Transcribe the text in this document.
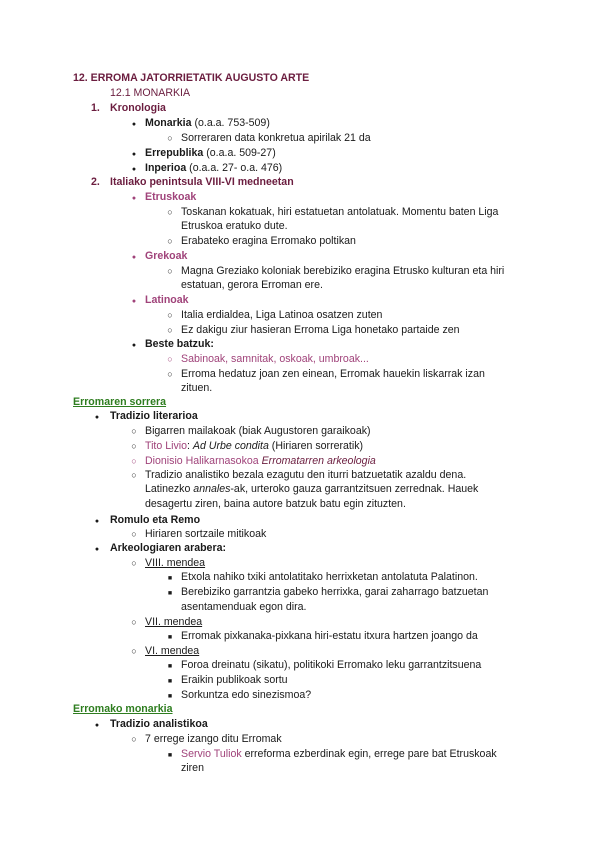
12. ERROMA JATORRIETATIK AUGUSTO ARTE
12.1 MONARKIA
1. Kronologia
●
Monarkia (o.a.a. 753-509)
○
Sorreraren data konkretua apirilak 21 da
●
Errepublika (o.a.a. 509-27)
●
Inperioa (o.a.a. 27- o.a. 476)
2. Italiako penintsula VIII-VI medneetan
●
Etruskoak
○
Toskanan kokatuak, hiri estatuetan antolatuak. Momentu baten Liga
Etruskoa eratuko dute.
○
Erabateko eragina Erromako poltikan
●
Grekoak
○
Magna Greziako koloniak berebiziko eragina Etrusko kulturan eta hiri
estatuan, gerora Erroman ere.
●
Latinoak
○
Italia erdialdea, Liga Latinoa osatzen zuten
○
Ez dakigu ziur hasieran Erroma Liga honetako partaide zen
●
Beste batzuk:
○
Sabinoak, samnitak, oskoak, umbroak...
○
Erroma hedatuz joan zen einean, Erromak hauekin liskarrak izan
zituen.
Erromaren sorrera
●
Tradizio literarioa
○
Bigarren mailakoak (biak Augustoren garaikoak)
○
Tito Livio: Ad Urbe condita (Hiriaren sorreratik)
○
Dionisio Halikarnasokoa Erromatarren arkeologia
○
Tradizio analistiko bezala ezagutu den iturri batzuetatik azaldu dena.
Latinezko annales-ak, urteroko gauza garrantzitsuen zerrednak. Hauek
desagertu ziren, baina autore batzuk batu egin zituzten.
●
Romulo eta Remo
○
Hiriaren sortzaile mitikoak
●
Arkeologiaren arabera:
○
VIII. mendea
■
Etxola nahiko txiki antolatitako herrixketan antolatuta Palatinon.
■
Berebiziko garrantzia gabeko herrixka, garai zaharrago batzuetan
asentamenduak egon dira.
○
VII. mendea
■
Erromak pixkanaka-pixkana hiri-estatu itxura hartzen joango da
○
VI. mendea
■
Foroa dreinatu (sikatu), politikoki Erromako leku garrantzitsuena
■
Eraikin publikoak sortu
■
Sorkuntza edo sinezismoa?
Erromako monarkia
●
Tradizio analistikoa
○
7 errege izango ditu Erromak
■
Servio Tuliok erreforma ezberdinak egin, errege pare bat Etruskoak
ziren
